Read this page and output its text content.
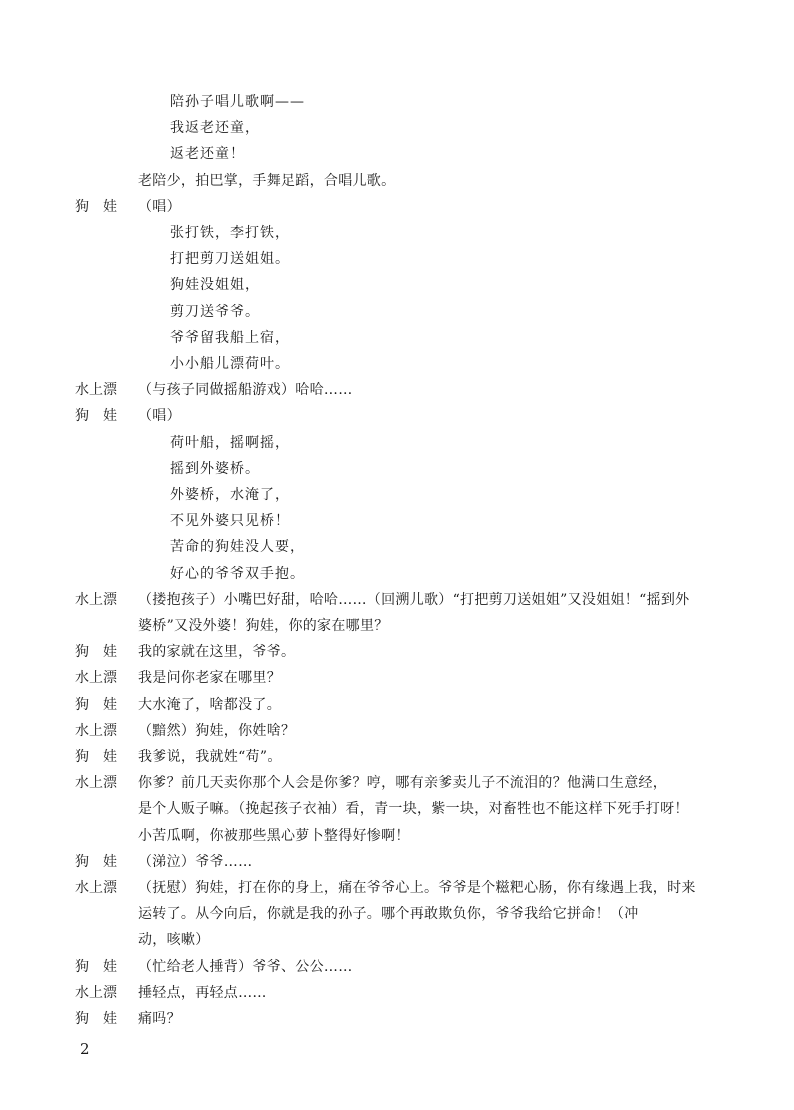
陪孙子唱儿歌啊——
我返老还童，
返老还童！
老陪少，拍巴掌，手舞足蹈，合唱儿歌。
狗　娃	（唱）
张打铁，李打铁，
打把剪刀送姐姐。
狗娃没姐姐，
剪刀送爷爷。
爷爷留我船上宿，
小小船儿漂荷叶。
水上漂	（与孩子同做摇船游戏）哈哈……
狗　娃	（唱）
荷叶船，摇啊摇，
摇到外婆桥。
外婆桥，水淹了，
不见外婆只见桥！
苦命的狗娃没人要，
好心的爷爷双手抱。
水上漂	（搂抱孩子）小嘴巴好甜，哈哈……（回溯儿歌）“打把剪刀送姐姐”又没姐姐！“摇到外
婆桥”又没外婆！狗娃，你的家在哪里？
狗　娃	我的家就在这里，爷爷。
水上漂	我是问你老家在哪里？
狗　娃	大水淹了，啥都没了。
水上漂	（黯然）狗娃，你姓啥？
狗　娃	我爹说，我就姓“苟”。
水上漂	你爹？前几天卖你那个人会是你爹？哼，哪有亲爹卖儿子不流泪的？他满口生意经，
是个人贩子嘛。（挽起孩子衣袖）看，青一块，紫一块，对畜牲也不能这样下死手打呀！
小苦瓜啊，你被那些黑心萝卜整得好惨啊！
狗　娃	（涕泣）爷爷……
水上漂	（抚慰）狗娃，打在你的身上，痛在爷爷心上。爷爷是个糍粑心肠，你有缘遇上我，时来
运转了。从今向后，你就是我的孙子。哪个再敢欺负你，爷爷我给它拼命！（冲
动，咳嗽）
狗　娃	（忙给老人捶背）爷爷、公公……
水上漂	捶轻点，再轻点……
狗　娃	痛吗？
2
